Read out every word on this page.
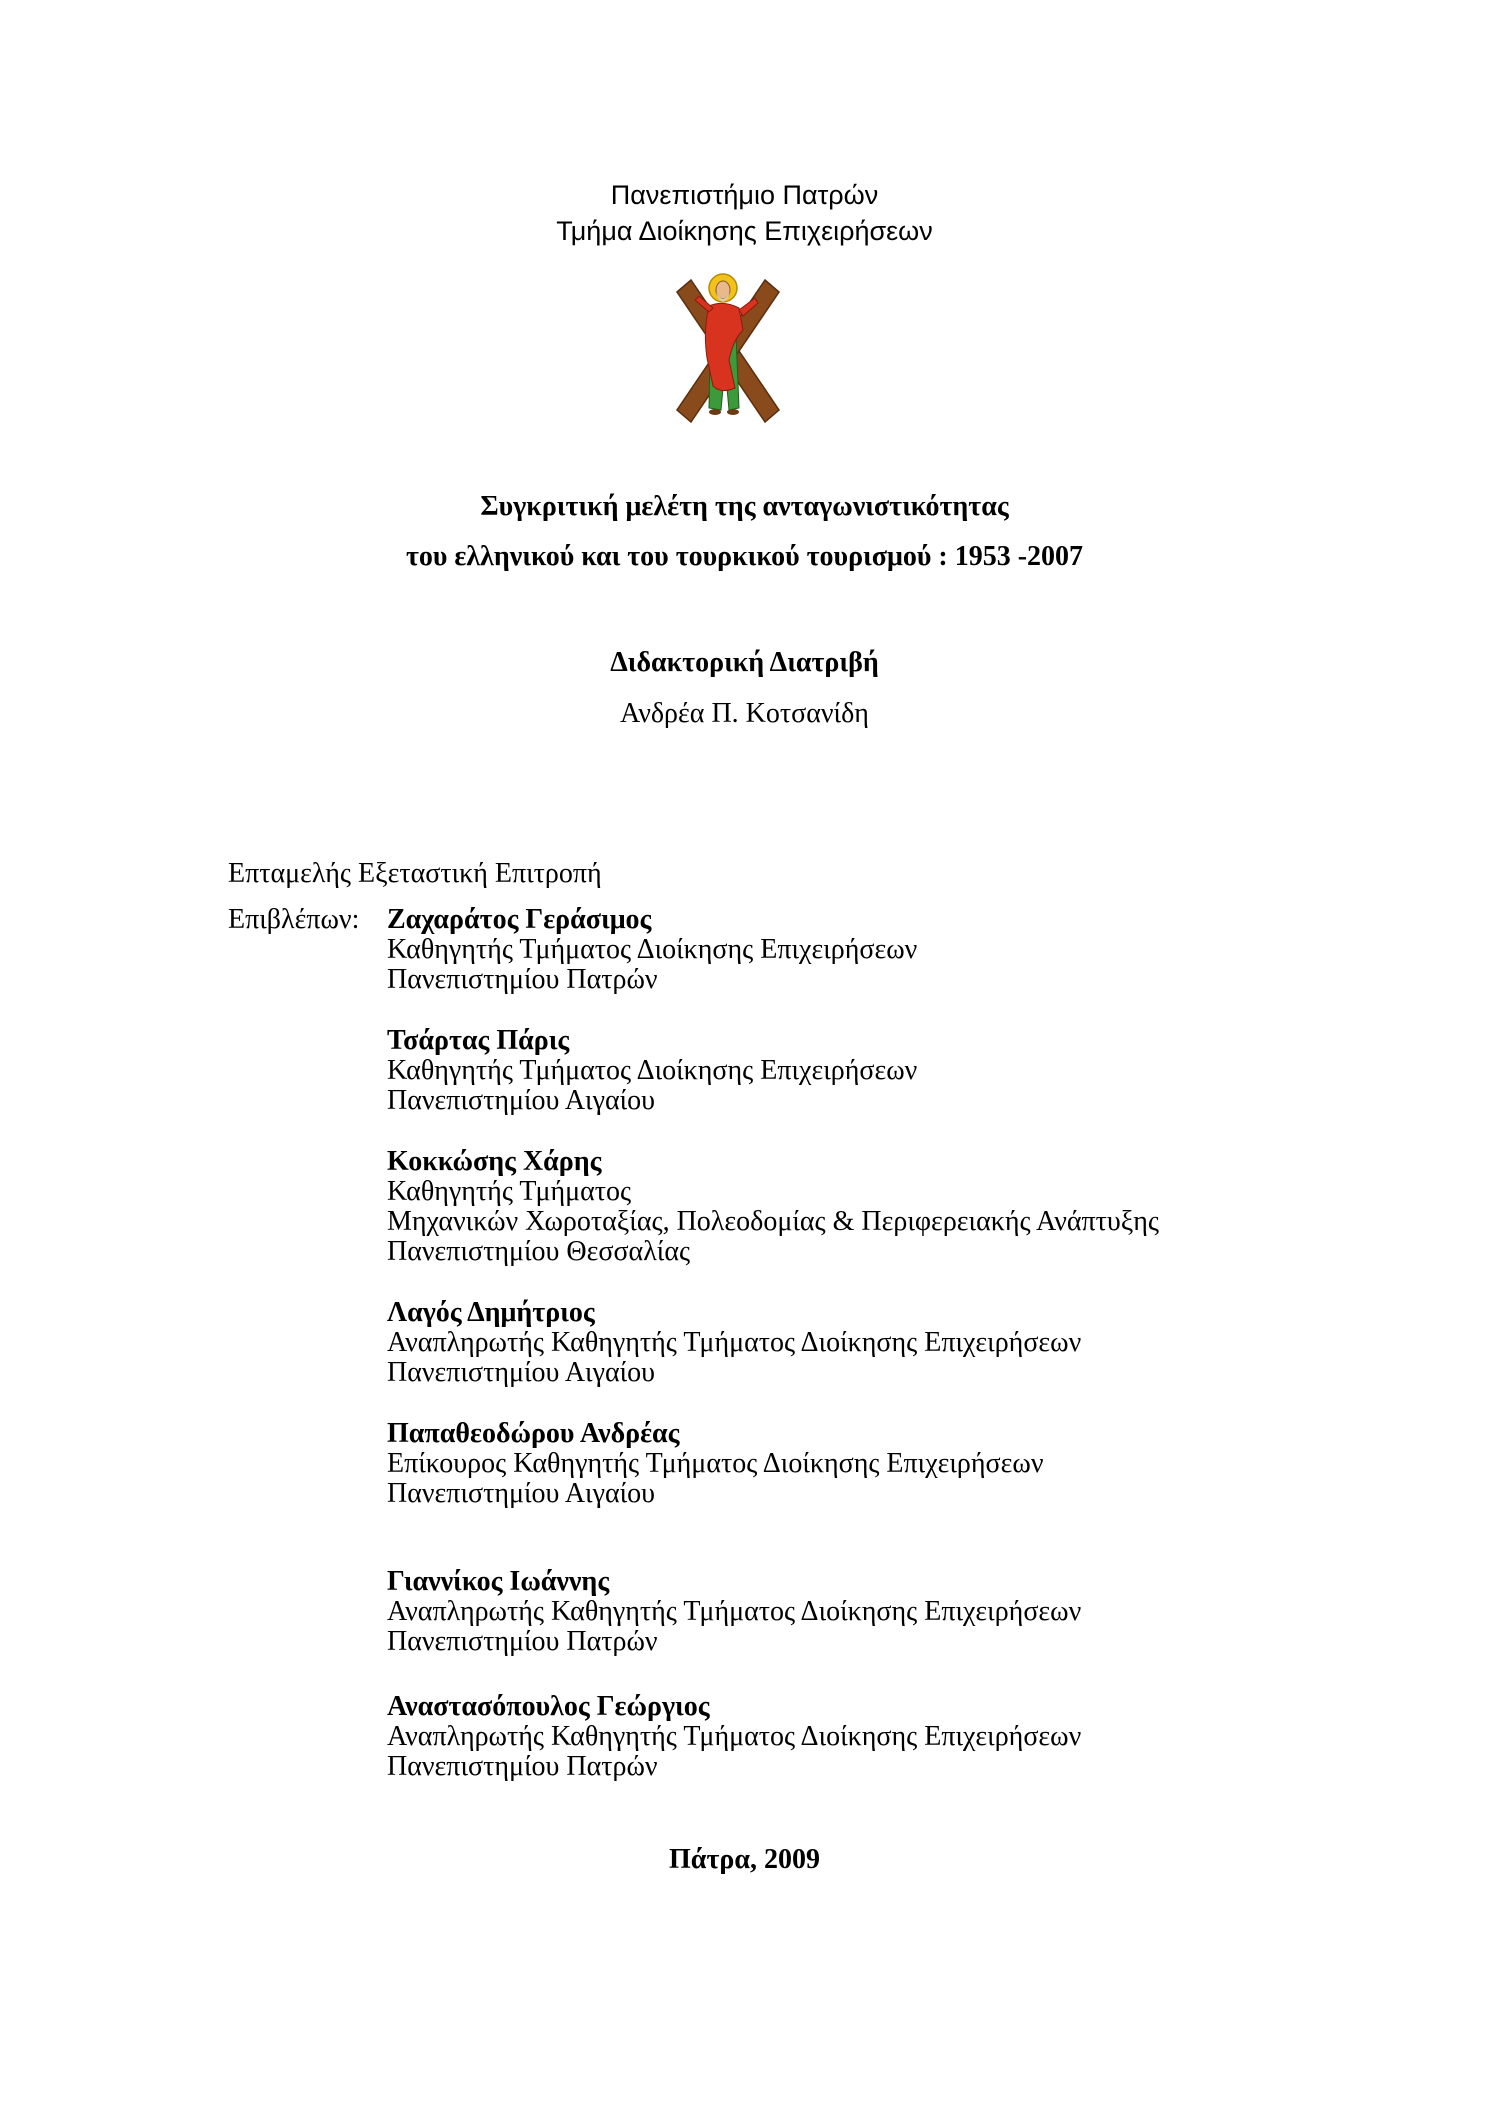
Πανεπιστήμιο Πατρών
Τμήμα Διοίκησης Επιχειρήσεων
Συγκριτική μελέτη της ανταγωνιστικότητας
του ελληνικού και του τουρκικού τουρισμού : 1953 -2007
Διδακτορική Διατριβή
Ανδρέα Π. Κοτσανίδη
Επταμελής Εξεταστική Επιτροπή
Επιβλέπων: Ζαχαράτος Γεράσιμος
Καθηγητής Τμήματος Διοίκησης Επιχειρήσεων
Πανεπιστημίου Πατρών
Τσάρτας Πάρις
Καθηγητής Τμήματος Διοίκησης Επιχειρήσεων
Πανεπιστημίου Αιγαίου
Κοκκώσης Χάρης
Καθηγητής Τμήματος
Μηχανικών Χωροταξίας, Πολεοδομίας & Περιφερειακής Ανάπτυξης
Πανεπιστημίου Θεσσαλίας
Λαγός Δημήτριος
Αναπληρωτής Καθηγητής Τμήματος Διοίκησης Επιχειρήσεων
Πανεπιστημίου Αιγαίου
Παπαθεοδώρου Ανδρέας
Επίκουρος Καθηγητής Τμήματος Διοίκησης Επιχειρήσεων
Πανεπιστημίου Αιγαίου
Γιαννίκος Ιωάννης
Αναπληρωτής Καθηγητής Τμήματος Διοίκησης Επιχειρήσεων
Πανεπιστημίου Πατρών
Αναστασόπουλος Γεώργιος
Αναπληρωτής Καθηγητής Τμήματος Διοίκησης Επιχειρήσεων
Πανεπιστημίου Πατρών
Πάτρα, 2009
